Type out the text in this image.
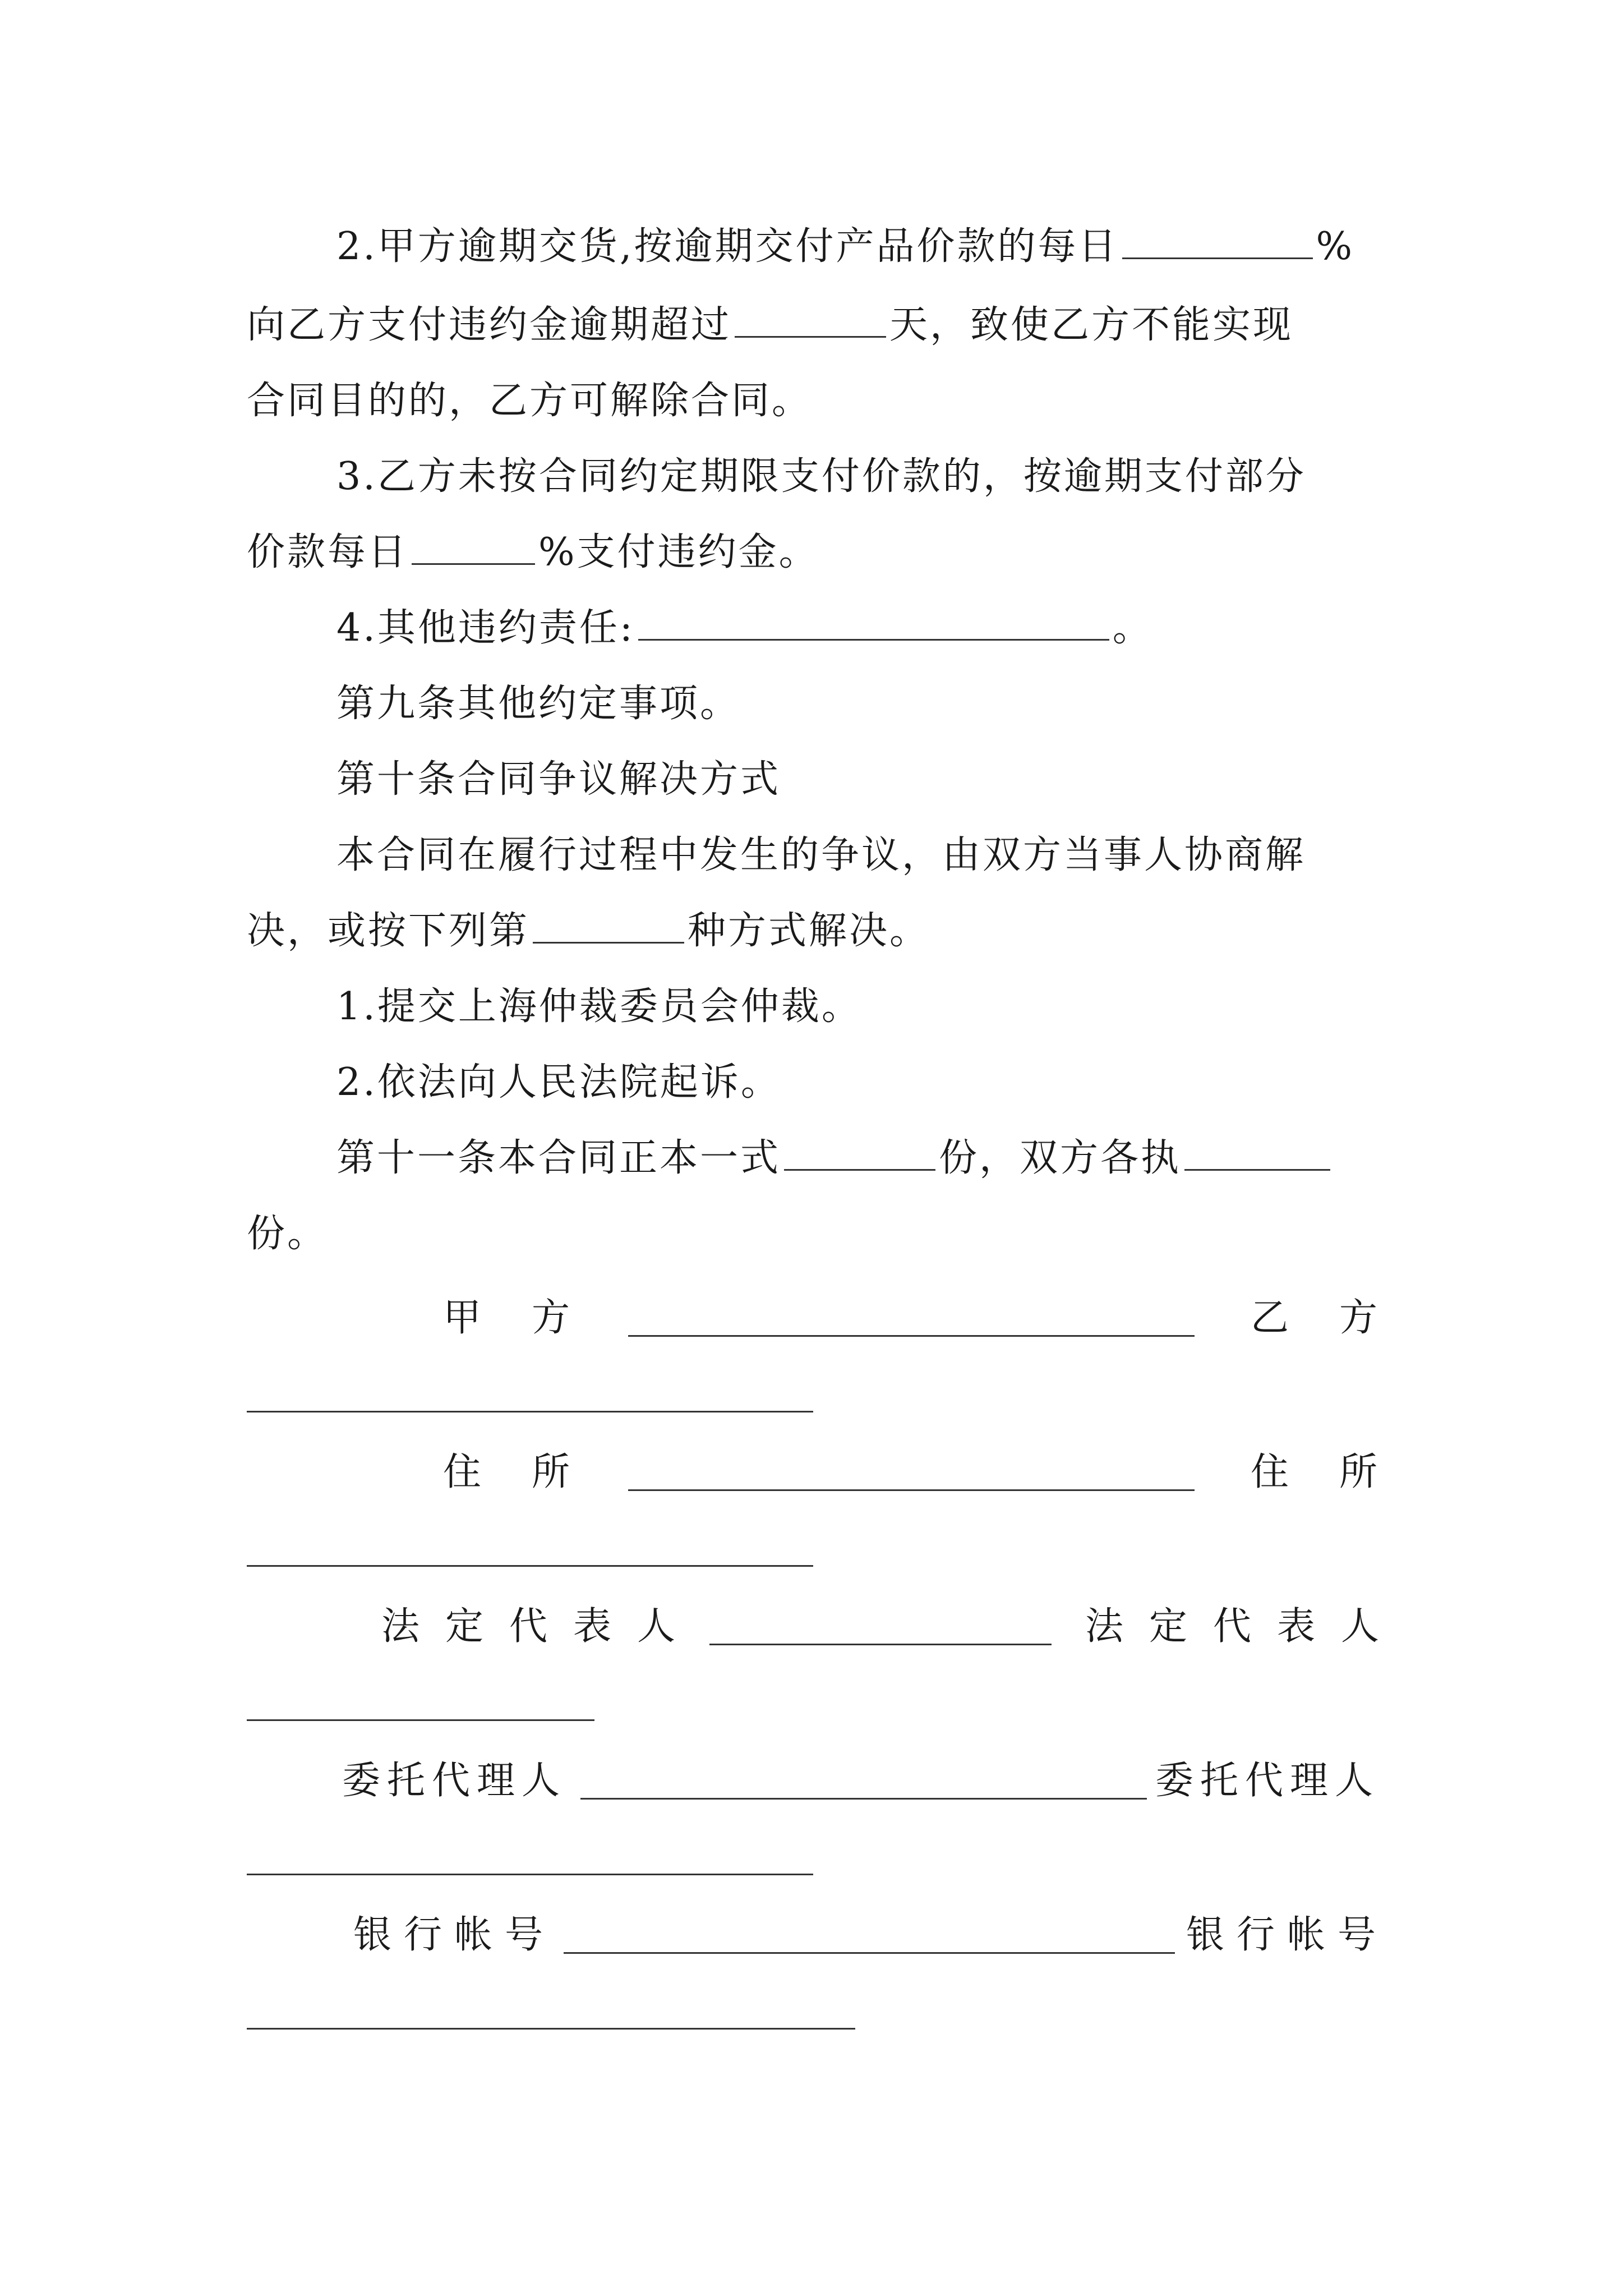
2.甲方逾期交货,按逾期交付产品价款的每日	%
向乙方支付违约金逾期超过	天，致使乙方不能实现
合同目的的，乙方可解除合同。
3.乙方未按合同约定期限支付价款的，按逾期支付部分
价款每日	%支付违约金。
4.其他违约责任:	。
第九条其他约定事项。
第十条合同争议解决方式
本合同在履行过程中发生的争议，由双方当事人协商解
决，或按下列第	种方式解决。
1.提交上海仲裁委员会仲裁。
2.依法向人民法院起诉。
第十一条本合同正本一式	份，双方各执
份。
甲方	乙方
住所	住所
法定代表人	法定代表人
委托代理人	委托代理人
银行帐号	银行帐号
